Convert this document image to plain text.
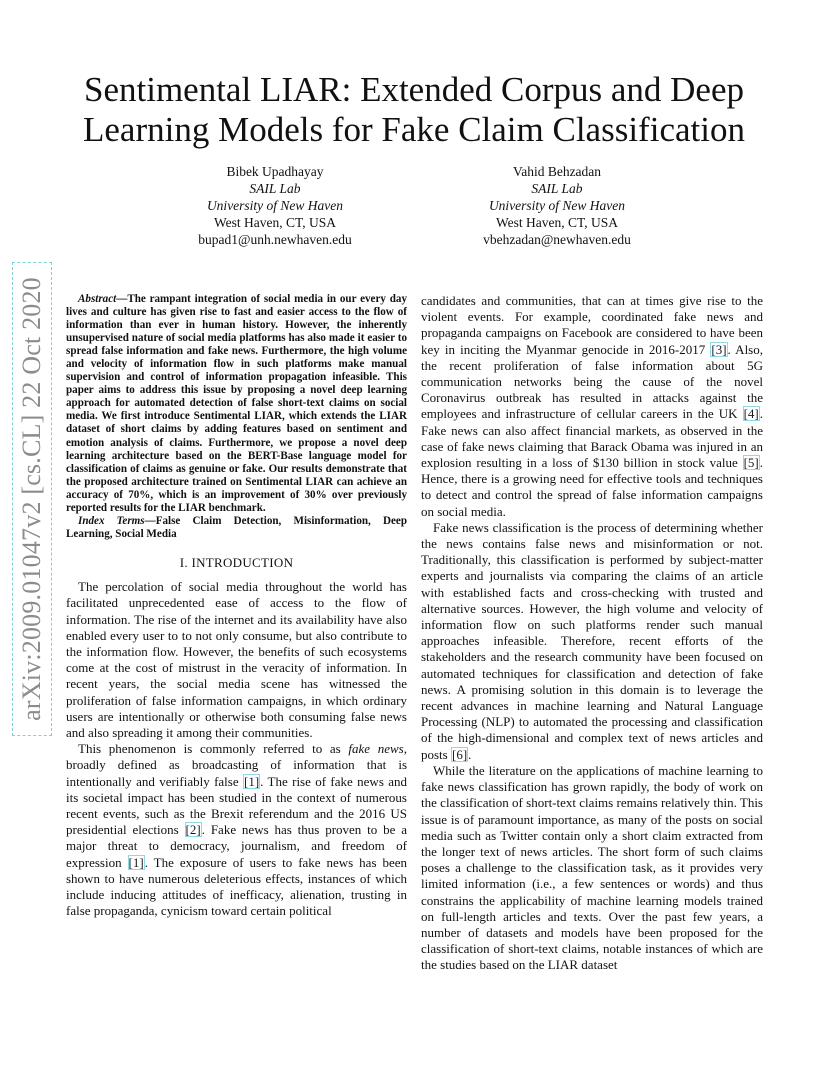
Sentimental LIAR: Extended Corpus and Deep Learning Models for Fake Claim Classification
Bibek Upadhayay
SAIL Lab
University of New Haven
West Haven, CT, USA
bupad1@unh.newhaven.edu
Vahid Behzadan
SAIL Lab
University of New Haven
West Haven, CT, USA
vbehzadan@newhaven.edu
arXiv:2009.01047v2 [cs.CL] 22 Oct 2020	Abstract—The rampant integration of social media in our every day lives and culture has given rise to fast and easier access to the flow of information than ever in human history. However, the inherently unsupervised nature of social media platforms has also made it easier to spread false information and fake news. Furthermore, the high volume and velocity of information flow in such platforms make manual supervision and control of information propagation infeasible. This paper aims to address this issue by proposing a novel deep learning approach for automated detection of false short-text claims on social media. We first introduce Sentimental LIAR, which extends the LIAR dataset of short claims by adding features based on sentiment and emotion analysis of claims. Furthermore, we propose a novel deep learning architecture based on the BERT-Base language model for classification of claims as genuine or fake. Our results demonstrate that the proposed architecture trained on Sentimental LIAR can achieve an accuracy of 70%, which is an improvement of 30% over previously reported results for the LIAR benchmark.

Index Terms—False Claim Detection, Misinformation, Deep Learning, Social Media

I. INTRODUCTION

The percolation of social media throughout the world has facilitated unprecedented ease of access to the flow of information. The rise of the internet and its availability have also enabled every user to to not only consume, but also contribute to the information flow. However, the benefits of such ecosystems come at the cost of mistrust in the veracity of information. In recent years, the social media scene has witnessed the proliferation of false information campaigns, in which ordinary users are intentionally or otherwise both consuming false news and also spreading it among their communities.

This phenomenon is commonly referred to as fake news, broadly defined as broadcasting of information that is intentionally and verifiably false [1]. The rise of fake news and its societal impact has been studied in the context of numerous recent events, such as the Brexit referendum and the 2016 US presidential elections [2]. Fake news has thus proven to be a major threat to democracy, journalism, and freedom of expression [1]. The exposure of users to fake news has been shown to have numerous deleterious effects, instances of which include inducing attitudes of inefficacy, alienation, trusting in false propaganda, cynicism toward certain political

candidates and communities, that can at times give rise to the violent events. For example, coordinated fake news and propaganda campaigns on Facebook are considered to have been key in inciting the Myanmar genocide in 2016-2017 [3]. Also, the recent proliferation of false information about 5G communication networks being the cause of the novel Coronavirus outbreak has resulted in attacks against the employees and infrastructure of cellular careers in the UK [4]. Fake news can also affect financial markets, as observed in the case of fake news claiming that Barack Obama was injured in an explosion resulting in a loss of $130 billion in stock value [5]. Hence, there is a growing need for effective tools and techniques to detect and control the spread of false information campaigns on social media.

Fake news classification is the process of determining whether the news contains false news and misinformation or not. Traditionally, this classification is performed by subject-matter experts and journalists via comparing the claims of an article with established facts and cross-checking with trusted and alternative sources. However, the high volume and velocity of information flow on such platforms render such manual approaches infeasible. Therefore, recent efforts of the stakeholders and the research community have been focused on automated techniques for classification and detection of fake news. A promising solution in this domain is to leverage the recent advances in machine learning and Natural Language Processing (NLP) to automated the processing and classification of the high-dimensional and complex text of news articles and posts [6].

While the literature on the applications of machine learning to fake news classification has grown rapidly, the body of work on the classification of short-text claims remains relatively thin. This issue is of paramount importance, as many of the posts on social media such as Twitter contain only a short claim extracted from the longer text of news articles. The short form of such claims poses a challenge to the classification task, as it provides very limited information (i.e., a few sentences or words) and thus constrains the applicability of machine learning models trained on full-length articles and texts. Over the past few years, a number of datasets and models have been proposed for the classification of short-text claims, notable instances of which are the studies based on the LIAR dataset
